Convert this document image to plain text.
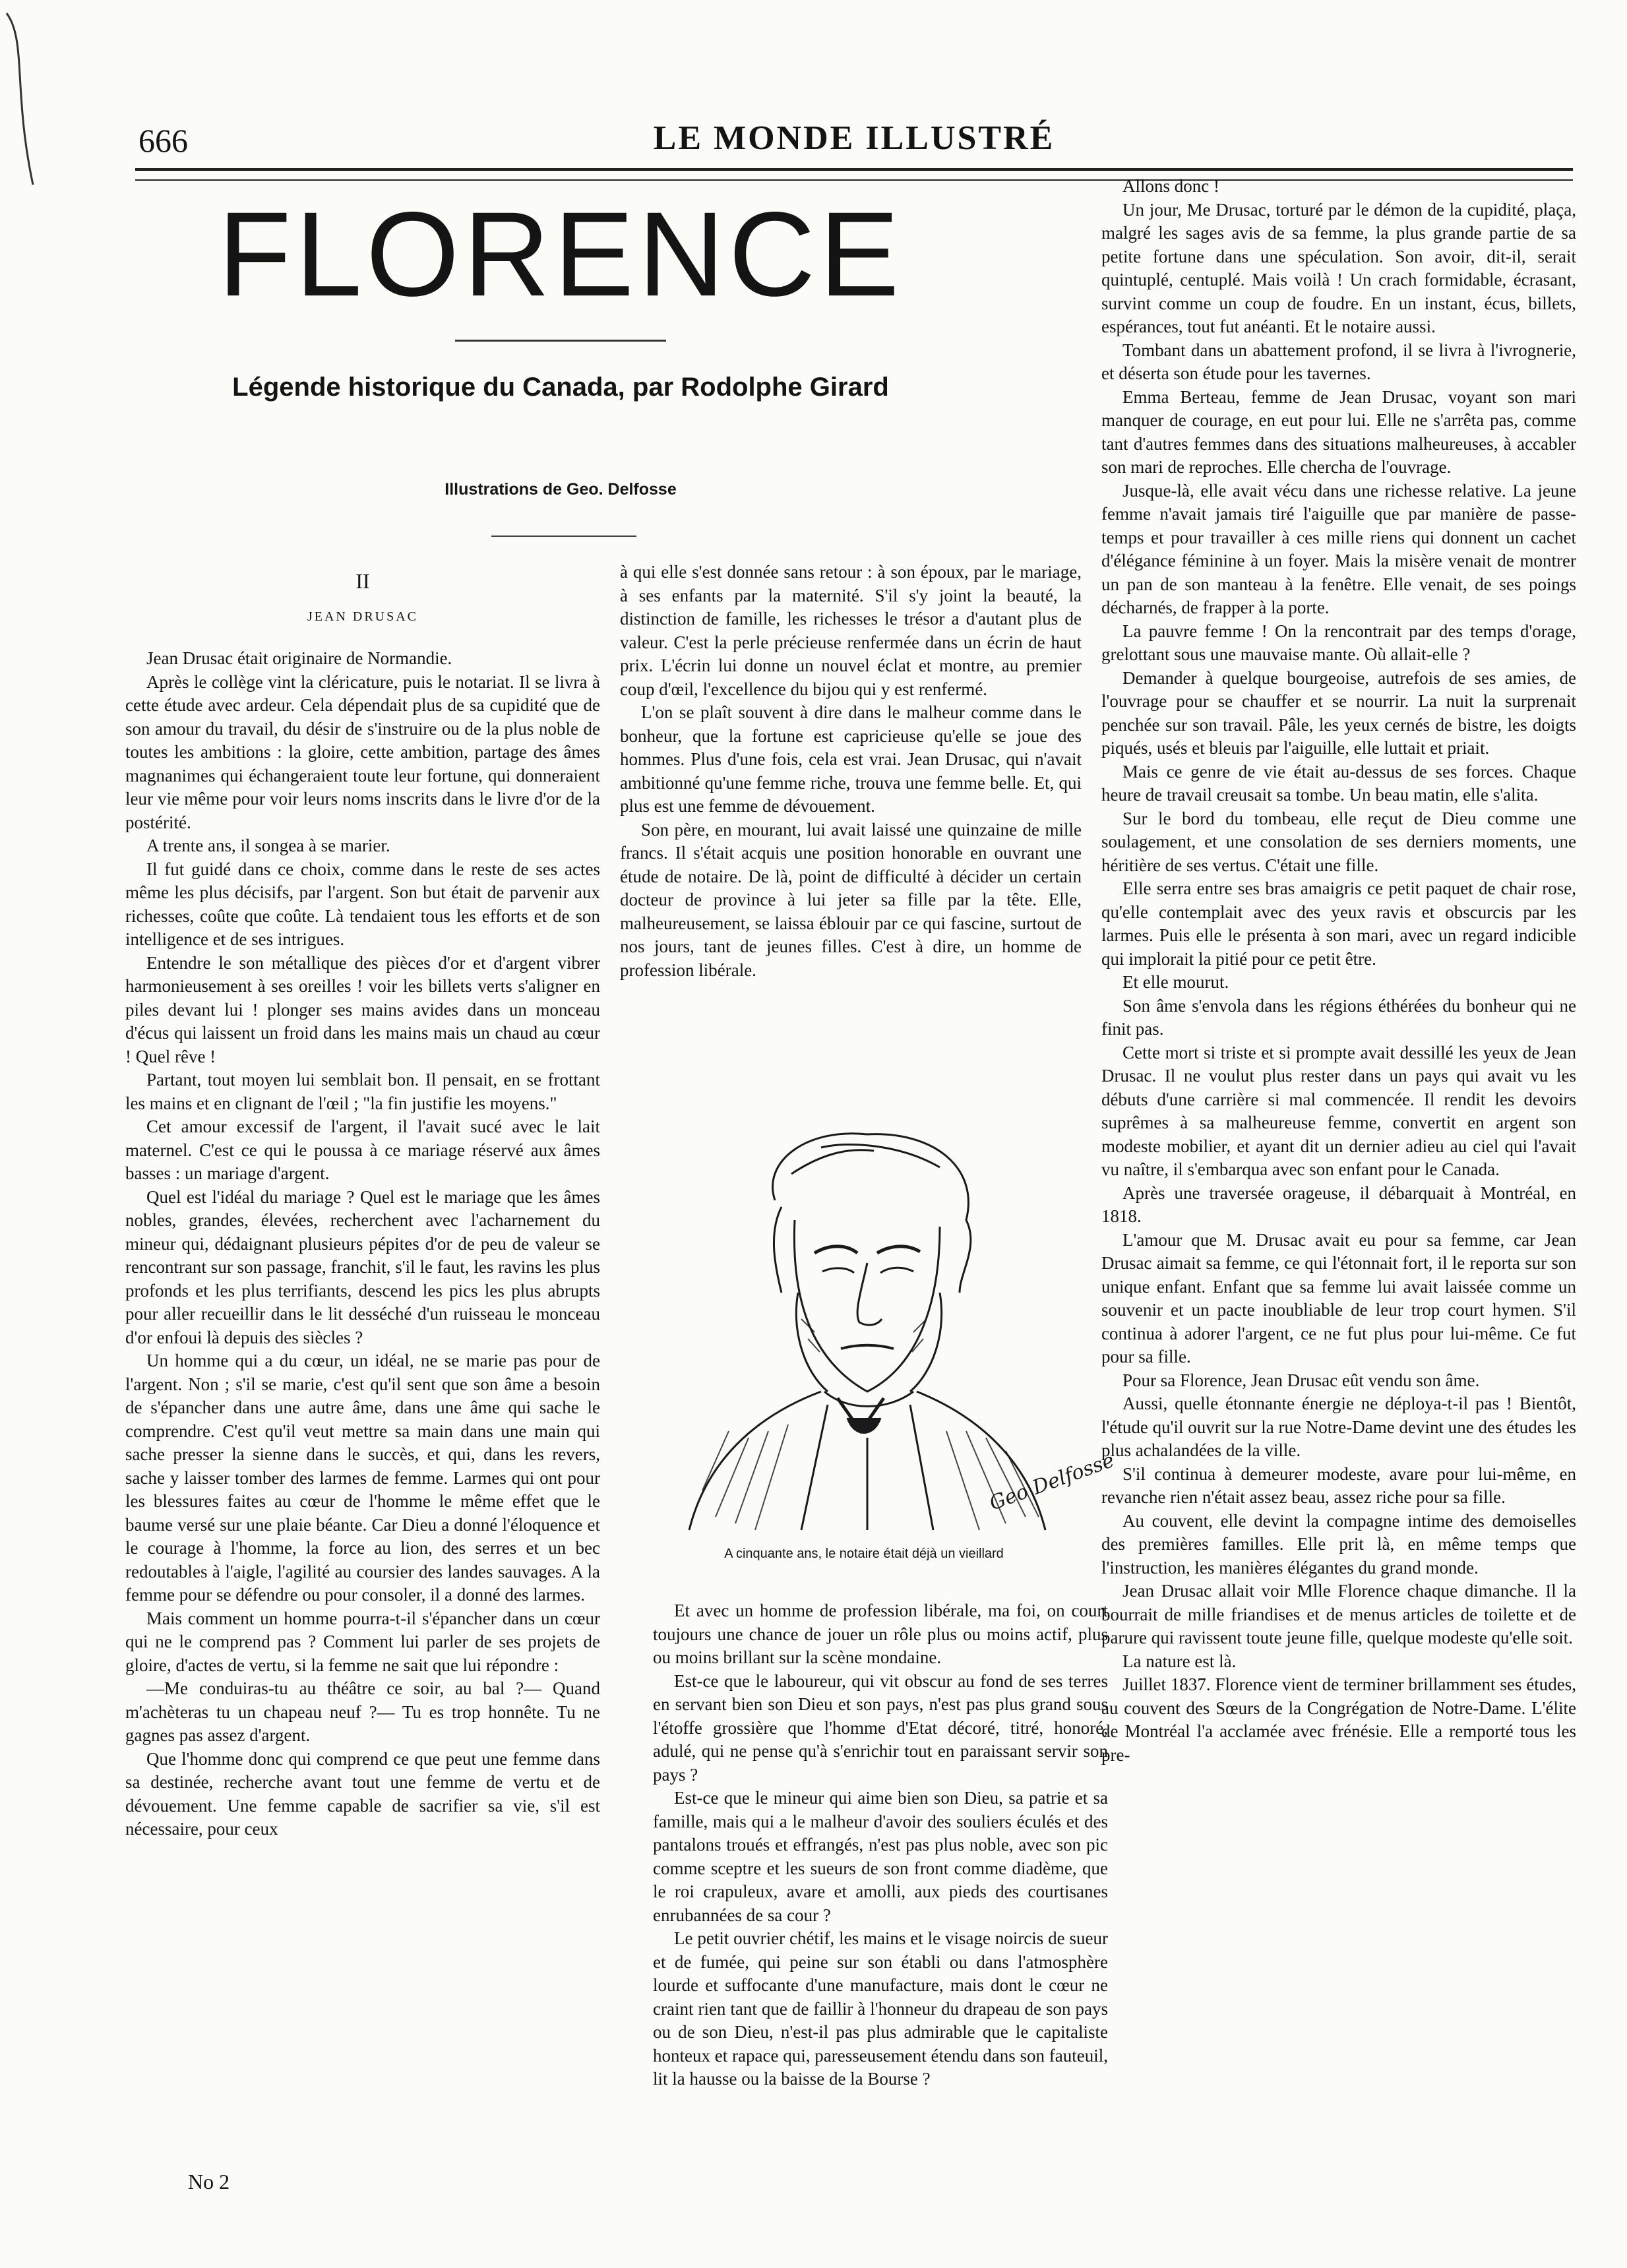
666	LE MONDE ILLUSTRÉ
FLORENCE
Légende historique du Canada, par Rodolphe Girard
Illustrations de Geo. Delfosse
II
JEAN DRUSAC

Jean Drusac était originaire de Normandie.

Après le collège vint la cléricature, puis le notariat. Il se livra à cette étude avec ardeur. Cela dépendait plus de sa cupidité que de son amour du travail, du désir de s'instruire ou de la plus noble de toutes les ambitions : la gloire, cette ambition, partage des âmes magnanimes qui échangeraient toute leur fortune, qui donneraient leur vie même pour voir leurs noms inscrits dans le livre d'or de la postérité.

A trente ans, il songea à se marier.

Il fut guidé dans ce choix, comme dans le reste de ses actes même les plus décisifs, par l'argent. Son but était de parvenir aux richesses, coûte que coûte. Là tendaient tous les efforts et de son intelligence et de ses intrigues.

Entendre le son métallique des pièces d'or et d'argent vibrer harmonieusement à ses oreilles ! voir les billets verts s'aligner en piles devant lui ! plonger ses mains avides dans un monceau d'écus qui laissent un froid dans les mains mais un chaud au cœur ! Quel rêve !

Partant, tout moyen lui semblait bon. Il pensait, en se frottant les mains et en clignant de l'œil ; "la fin justifie les moyens."

Cet amour excessif de l'argent, il l'avait sucé avec le lait maternel. C'est ce qui le poussa à ce mariage réservé aux âmes basses : un mariage d'argent.

Quel est l'idéal du mariage ? Quel est le mariage que les âmes nobles, grandes, élevées, recherchent avec l'acharnement du mineur qui, dédaignant plusieurs pépites d'or de peu de valeur se rencontrant sur son passage, franchit, s'il le faut, les ravins les plus profonds et les plus terrifiants, descend les pics les plus abrupts pour aller recueillir dans le lit desséché d'un ruisseau le monceau d'or enfoui là depuis des siècles ?

Un homme qui a du cœur, un idéal, ne se marie pas pour de l'argent. Non ; s'il se marie, c'est qu'il sent que son âme a besoin de s'épancher dans une autre âme, dans une âme qui sache le comprendre. C'est qu'il veut mettre sa main dans une main qui sache presser la sienne dans le succès, et qui, dans les revers, sache y laisser tomber des larmes de femme. Larmes qui ont pour les blessures faites au cœur de l'homme le même effet que le baume versé sur une plaie béante. Car Dieu a donné l'éloquence et le courage à l'homme, la force au lion, des serres et un bec redoutables à l'aigle, l'agilité au coursier des landes sauvages. A la femme pour se défendre ou pour consoler, il a donné des larmes.

Mais comment un homme pourra-t-il s'épancher dans un cœur qui ne le comprend pas ? Comment lui parler de ses projets de gloire, d'actes de vertu, si la femme ne sait que lui répondre :

—Me conduiras-tu au théâtre ce soir, au bal ?— Quand m'achèteras tu un chapeau neuf ?— Tu es trop honnête. Tu ne gagnes pas assez d'argent.

Que l'homme donc qui comprend ce que peut une femme dans sa destinée, recherche avant tout une femme de vertu et de dévouement. Une femme capable de sacrifier sa vie, s'il est nécessaire, pour ceux

à qui elle s'est donnée sans retour : à son époux, par le mariage, à ses enfants par la maternité. S'il s'y joint la beauté, la distinction de famille, les richesses le trésor a d'autant plus de valeur. C'est la perle précieuse renfermée dans un écrin de haut prix. L'écrin lui donne un nouvel éclat et montre, au premier coup d'œil, l'excellence du bijou qui y est renfermé.

L'on se plaît souvent à dire dans le malheur comme dans le bonheur, que la fortune est capricieuse qu'elle se joue des hommes. Plus d'une fois, cela est vrai. Jean Drusac, qui n'avait ambitionné qu'une femme riche, trouva une femme belle. Et, qui plus est une femme de dévouement.

Son père, en mourant, lui avait laissé une quinzaine de mille francs. Il s'était acquis une position honorable en ouvrant une étude de notaire. De là, point de difficulté à décider un certain docteur de province à lui jeter sa fille par la tête. Elle, malheureusement, se laissa éblouir par ce qui fascine, surtout de nos jours, tant de jeunes filles. C'est à dire, un homme de profession libérale.

Geo Delfosse
A cinquante ans, le notaire était déjà un vieillard

Et avec un homme de profession libérale, ma foi, on court toujours une chance de jouer un rôle plus ou moins actif, plus ou moins brillant sur la scène mondaine.

Est-ce que le laboureur, qui vit obscur au fond de ses terres en servant bien son Dieu et son pays, n'est pas plus grand sous l'étoffe grossière que l'homme d'Etat décoré, titré, honoré, adulé, qui ne pense qu'à s'enrichir tout en paraissant servir son pays ?

Est-ce que le mineur qui aime bien son Dieu, sa patrie et sa famille, mais qui a le malheur d'avoir des souliers éculés et des pantalons troués et effrangés, n'est pas plus noble, avec son pic comme sceptre et les sueurs de son front comme diadème, que le roi crapuleux, avare et amolli, aux pieds des courtisanes enrubannées de sa cour ?

Le petit ouvrier chétif, les mains et le visage noircis de sueur et de fumée, qui peine sur son établi ou dans l'atmosphère lourde et suffocante d'une manufacture, mais dont le cœur ne craint rien tant que de faillir à l'honneur du drapeau de son pays ou de son Dieu, n'est-il pas plus admirable que le capitaliste honteux et rapace qui, paresseusement étendu dans son fauteuil, lit la hausse ou la baisse de la Bourse ?

Allons donc !

Un jour, Me Drusac, torturé par le démon de la cupidité, plaça, malgré les sages avis de sa femme, la plus grande partie de sa petite fortune dans une spéculation. Son avoir, dit-il, serait quintuplé, centuplé. Mais voilà ! Un crach formidable, écrasant, survint comme un coup de foudre. En un instant, écus, billets, espérances, tout fut anéanti. Et le notaire aussi.

Tombant dans un abattement profond, il se livra à l'ivrognerie, et déserta son étude pour les tavernes.

Emma Berteau, femme de Jean Drusac, voyant son mari manquer de courage, en eut pour lui. Elle ne s'arrêta pas, comme tant d'autres femmes dans des situations malheureuses, à accabler son mari de reproches. Elle chercha de l'ouvrage.

Jusque-là, elle avait vécu dans une richesse relative. La jeune femme n'avait jamais tiré l'aiguille que par manière de passe-temps et pour travailler à ces mille riens qui donnent un cachet d'élégance féminine à un foyer. Mais la misère venait de montrer un pan de son manteau à la fenêtre. Elle venait, de ses poings décharnés, de frapper à la porte.

La pauvre femme ! On la rencontrait par des temps d'orage, grelottant sous une mauvaise mante. Où allait-elle ?

Demander à quelque bourgeoise, autrefois de ses amies, de l'ouvrage pour se chauffer et se nourrir. La nuit la surprenait penchée sur son travail. Pâle, les yeux cernés de bistre, les doigts piqués, usés et bleuis par l'aiguille, elle luttait et priait.

Mais ce genre de vie était au-dessus de ses forces. Chaque heure de travail creusait sa tombe. Un beau matin, elle s'alita.

Sur le bord du tombeau, elle reçut de Dieu comme une soulagement, et une consolation de ses derniers moments, une héritière de ses vertus. C'était une fille.

Elle serra entre ses bras amaigris ce petit paquet de chair rose, qu'elle contemplait avec des yeux ravis et obscurcis par les larmes. Puis elle le présenta à son mari, avec un regard indicible qui implorait la pitié pour ce petit être.

Et elle mourut.

Son âme s'envola dans les régions éthérées du bonheur qui ne finit pas.

Cette mort si triste et si prompte avait dessillé les yeux de Jean Drusac. Il ne voulut plus rester dans un pays qui avait vu les débuts d'une carrière si mal commencée. Il rendit les devoirs suprêmes à sa malheureuse femme, convertit en argent son modeste mobilier, et ayant dit un dernier adieu au ciel qui l'avait vu naître, il s'embarqua avec son enfant pour le Canada.

Après une traversée orageuse, il débarquait à Montréal, en 1818.

L'amour que M. Drusac avait eu pour sa femme, car Jean Drusac aimait sa femme, ce qui l'étonnait fort, il le reporta sur son unique enfant. Enfant que sa femme lui avait laissée comme un souvenir et un pacte inoubliable de leur trop court hymen. S'il continua à adorer l'argent, ce ne fut plus pour lui-même. Ce fut pour sa fille.

Pour sa Florence, Jean Drusac eût vendu son âme.

Aussi, quelle étonnante énergie ne déploya-t-il pas ! Bientôt, l'étude qu'il ouvrit sur la rue Notre-Dame devint une des études les plus achalandées de la ville.

S'il continua à demeurer modeste, avare pour lui-même, en revanche rien n'était assez beau, assez riche pour sa fille.

Au couvent, elle devint la compagne intime des demoiselles des premières familles. Elle prit là, en même temps que l'instruction, les manières élégantes du grand monde.

Jean Drusac allait voir Mlle Florence chaque dimanche. Il la bourrait de mille friandises et de menus articles de toilette et de parure qui ravissent toute jeune fille, quelque modeste qu'elle soit.

La nature est là.

Juillet 1837. Florence vient de terminer brillamment ses études, au couvent des Sœurs de la Congrégation de Notre-Dame. L'élite de Montréal l'a acclamée avec frénésie. Elle a remporté tous les pre-

No 2
